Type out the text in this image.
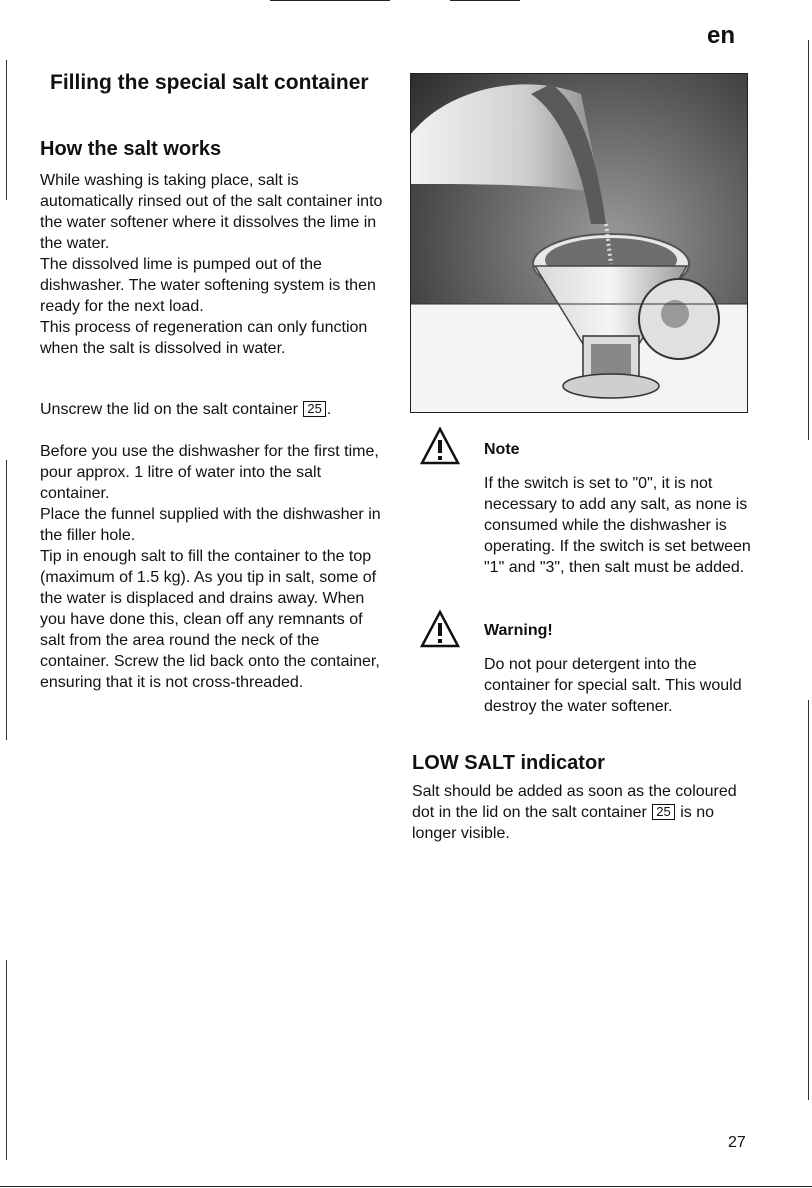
en
Filling the special salt container
How the salt works

While washing is taking place, salt is automatically rinsed out of the salt container into the water softener where it dissolves the lime in the water.

The dissolved lime is pumped out of the dishwasher. The water softening system is then ready for the next load.

This process of regeneration can only function when the salt is dissolved in water.

Unscrew the lid on the salt container 25 .

Before you use the dishwasher for the first time, pour approx. 1 litre of water into the salt container.

Place the funnel supplied with the dishwasher in the filler hole.

Tip in enough salt to fill the container to the top (maximum of 1.5 kg). As you tip in salt, some of the water is displaced and drains away. When you have done this, clean off any remnants of salt from the area round the neck of the container. Screw the lid back onto the container, ensuring that it is not cross-threaded.

Note
If the switch is set to "0", it is not necessary to add any salt, as none is consumed while the dishwasher is operating. If the switch is set between "1" and "3", then salt must be added.
Warning!
Do not pour detergent into the container for special salt. This would destroy the water softener.
LOW SALT indicator
Salt should be added as soon as the coloured dot in the lid on the salt container 25 is no longer visible.
27
